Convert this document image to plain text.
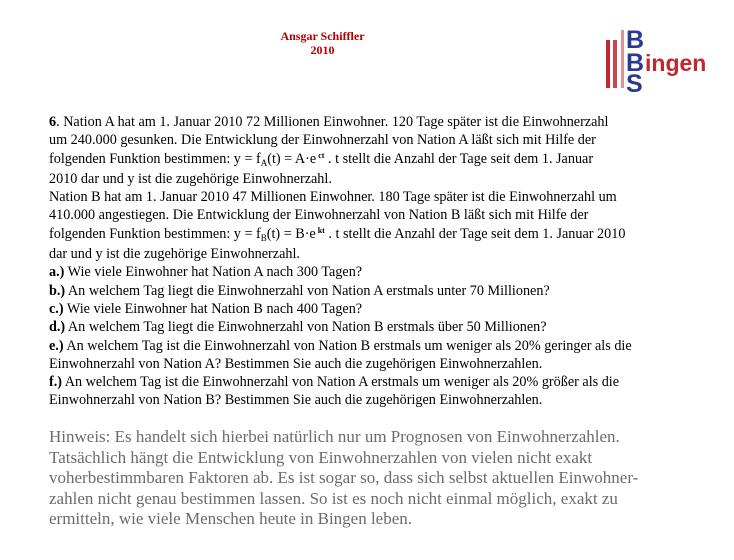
Ansgar Schiffler
2010	B
B
S
ingen

6. Nation A hat am 1. Januar 2010 72 Millionen Einwohner. 120 Tage später ist die Einwohnerzahl

um 240.000 gesunken. Die Entwicklung der Einwohnerzahl von Nation A läßt sich mit Hilfe der

folgenden Funktion bestimmen: $y = f_A(t) = A\cdot e$ $^{ct}$ . t stellt die Anzahl der Tage seit dem 1. Januar

2010 dar und y ist die zugehörige Einwohnerzahl.

Nation B hat am 1. Januar 2010 47 Millionen Einwohner. 180 Tage später ist die Einwohnerzahl um

410.000 angestiegen. Die Entwicklung der Einwohnerzahl von Nation B läßt sich mit Hilfe der

folgenden Funktion bestimmen: $y = f_B(t) = B\cdot e$ $^{kt}$ . t stellt die Anzahl der Tage seit dem 1. Januar 2010

dar und y ist die zugehörige Einwohnerzahl.

a.) Wie viele Einwohner hat Nation A nach 300 Tagen?

b.) An welchem Tag liegt die Einwohnerzahl von Nation A erstmals unter 70 Millionen?

c.) Wie viele Einwohner hat Nation B nach 400 Tagen?

d.) An welchem Tag liegt die Einwohnerzahl von Nation B erstmals über 50 Millionen?

e.) An welchem Tag ist die Einwohnerzahl von Nation B erstmals um weniger als 20% geringer als die

Einwohnerzahl von Nation A? Bestimmen Sie auch die zugehörigen Einwohnerzahlen.

f.) An welchem Tag ist die Einwohnerzahl von Nation A erstmals um weniger als 20% größer als die

Einwohnerzahl von Nation B? Bestimmen Sie auch die zugehörigen Einwohnerzahlen.

Hinweis: Es handelt sich hierbei natürlich nur um Prognosen von Einwohnerzahlen.

Tatsächlich hängt die Entwicklung von Einwohnerzahlen von vielen nicht exakt

voherbestimmbaren Faktoren ab. Es ist sogar so, dass sich selbst aktuellen Einwohner-

zahlen nicht genau bestimmen lassen. So ist es noch nicht einmal möglich, exakt zu

ermitteln, wie viele Menschen heute in Bingen leben.
